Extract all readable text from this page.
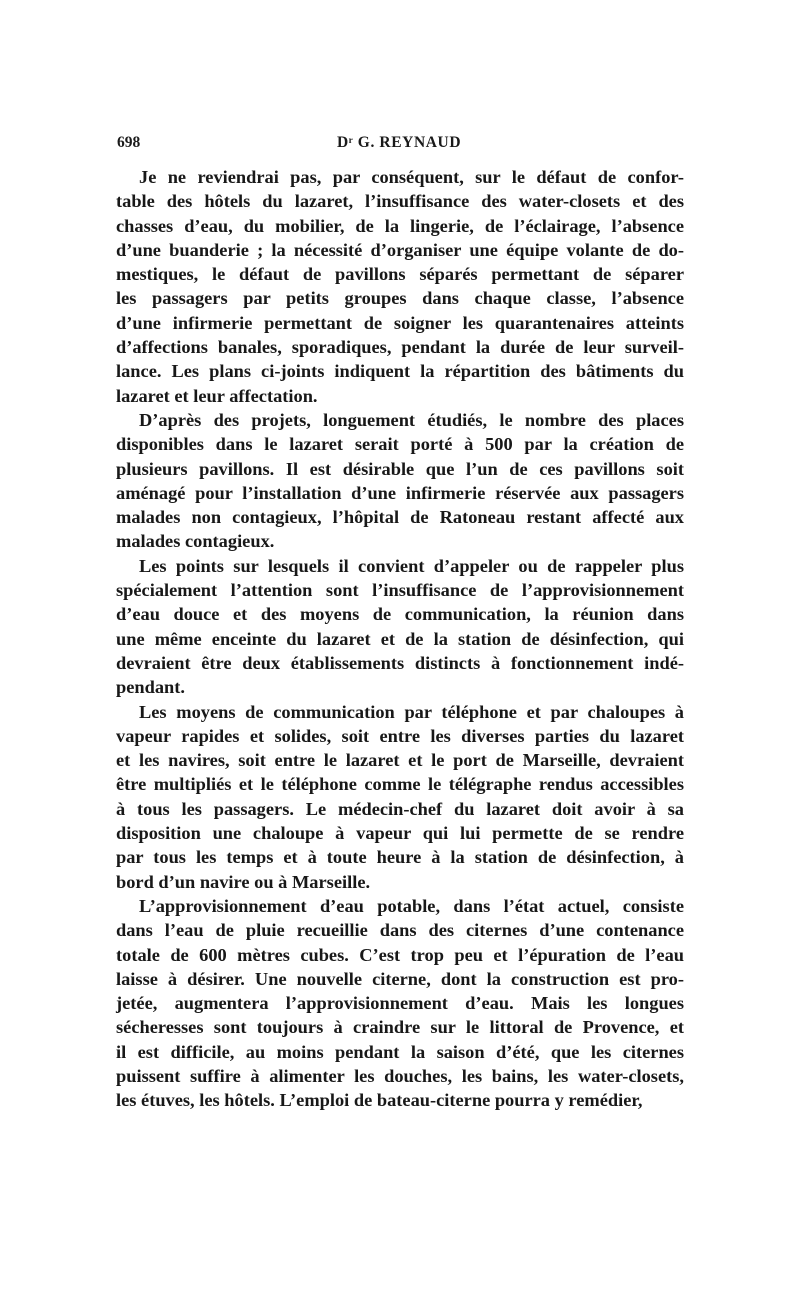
698	Dʳ G. REYNAUD
Je ne reviendrai pas, par conséquent, sur le défaut de confor-
table des hôtels du lazaret, l’insuffisance des water-closets et des
chasses d’eau, du mobilier, de la lingerie, de l’éclairage, l’absence
d’une buanderie ; la nécessité d’organiser une équipe volante de do-
mestiques, le défaut de pavillons séparés permettant de séparer
les passagers par petits groupes dans chaque classe, l’absence
d’une infirmerie permettant de soigner les quarantenaires atteints
d’affections banales, sporadiques, pendant la durée de leur surveil-
lance. Les plans ci-joints indiquent la répartition des bâtiments du
lazaret et leur affectation.
D’après des projets, longuement étudiés, le nombre des places
disponibles dans le lazaret serait porté à 500 par la création de
plusieurs pavillons. Il est désirable que l’un de ces pavillons soit
aménagé pour l’installation d’une infirmerie réservée aux passagers
malades non contagieux, l’hôpital de Ratoneau restant affecté aux
malades contagieux.
Les points sur lesquels il convient d’appeler ou de rappeler plus
spécialement l’attention sont l’insuffisance de l’approvisionnement
d’eau douce et des moyens de communication, la réunion dans
une même enceinte du lazaret et de la station de désinfection, qui
devraient être deux établissements distincts à fonctionnement indé-
pendant.
Les moyens de communication par téléphone et par chaloupes à
vapeur rapides et solides, soit entre les diverses parties du lazaret
et les navires, soit entre le lazaret et le port de Marseille, devraient
être multipliés et le téléphone comme le télégraphe rendus accessibles
à tous les passagers. Le médecin-chef du lazaret doit avoir à sa
disposition une chaloupe à vapeur qui lui permette de se rendre
par tous les temps et à toute heure à la station de désinfection, à
bord d’un navire ou à Marseille.
L’approvisionnement d’eau potable, dans l’état actuel, consiste
dans l’eau de pluie recueillie dans des citernes d’une contenance
totale de 600 mètres cubes. C’est trop peu et l’épuration de l’eau
laisse à désirer. Une nouvelle citerne, dont la construction est pro-
jetée, augmentera l’approvisionnement d’eau. Mais les longues
sécheresses sont toujours à craindre sur le littoral de Provence, et
il est difficile, au moins pendant la saison d’été, que les citernes
puissent suffire à alimenter les douches, les bains, les water-closets,
les étuves, les hôtels. L’emploi de bateau-citerne pourra y remédier,
